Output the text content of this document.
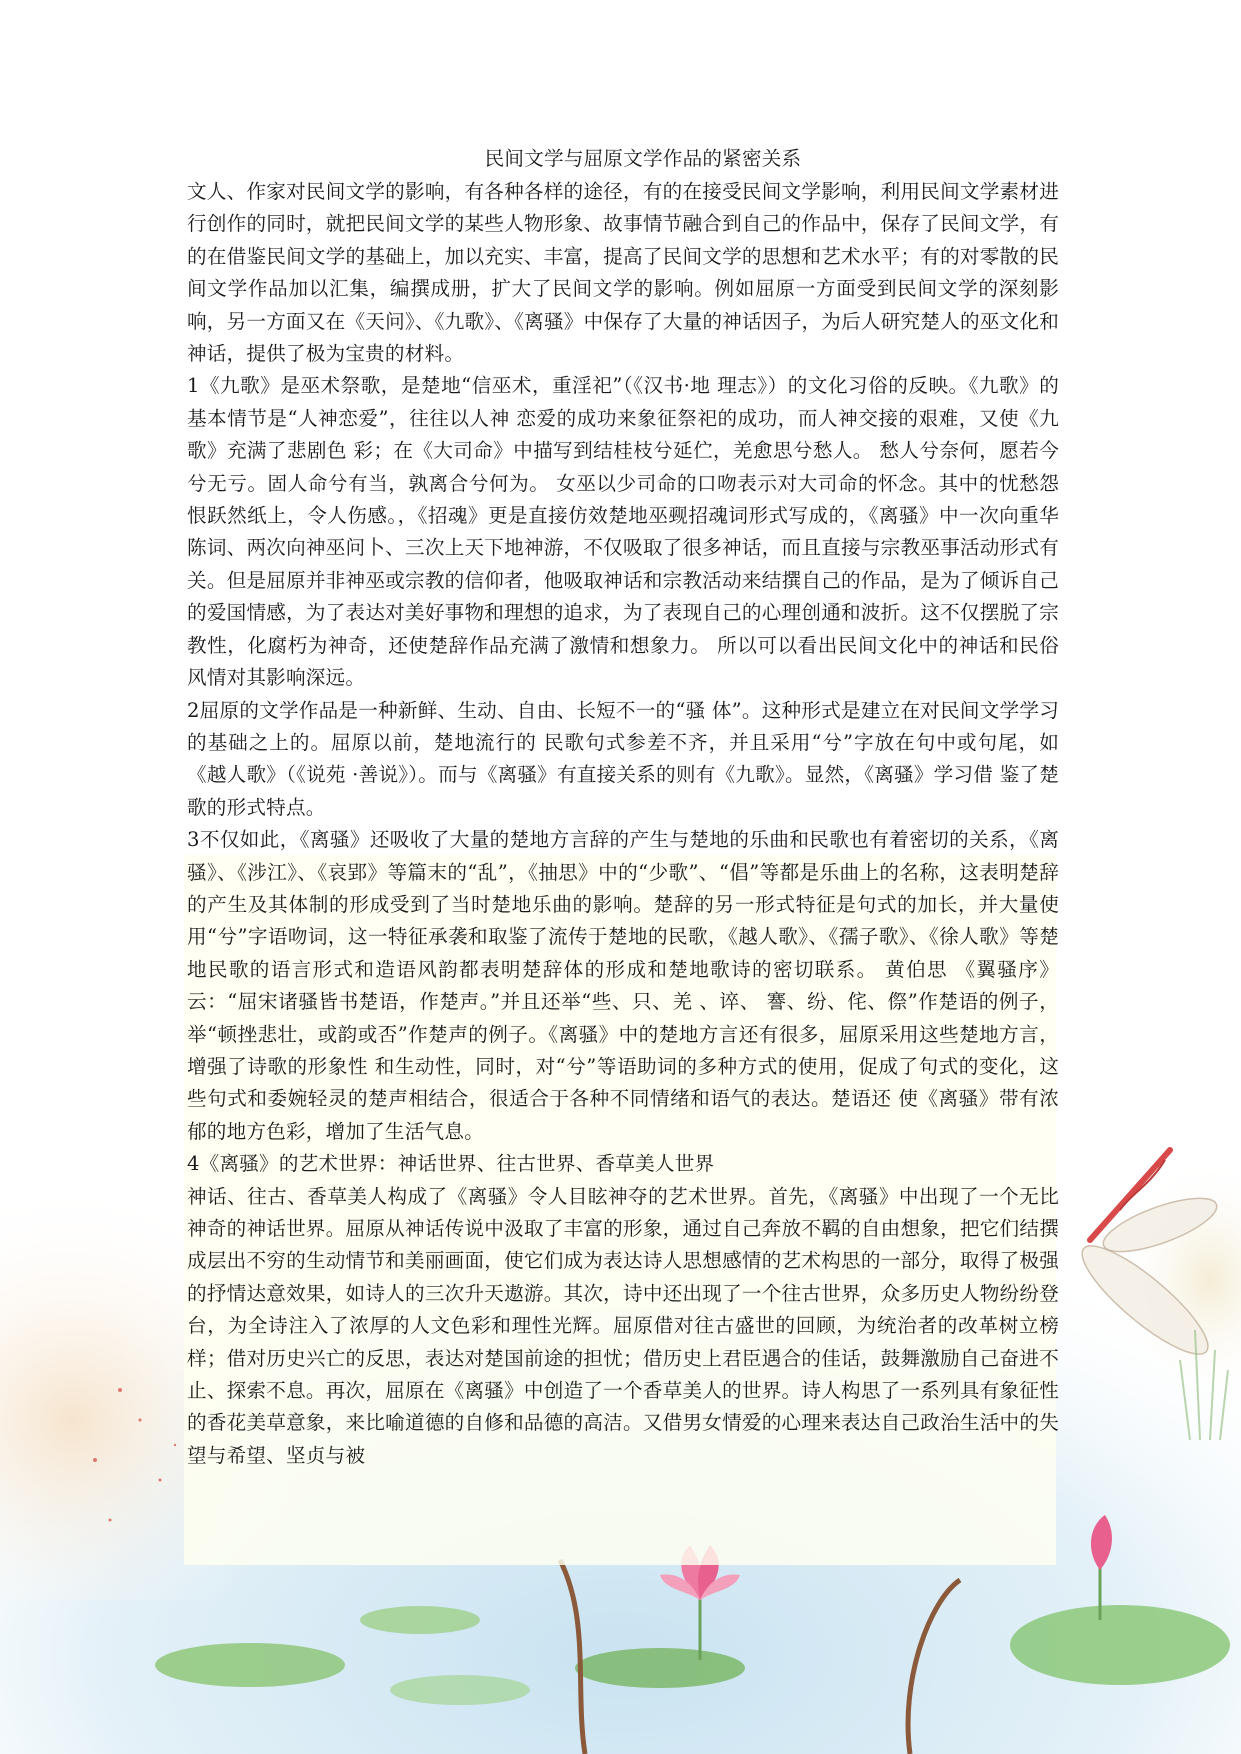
民间文学与屈原文学作品的紧密关系

文人、作家对民间文学的影响，有各种各样的途径，有的在接受民间文学影响，利用民间文学素材进行创作的同时，就把民间文学的某些人物形象、故事情节融合到自己的作品中，保存了民间文学，有的在借鉴民间文学的基础上，加以充实、丰富，提高了民间文学的思想和艺术水平；有的对零散的民间文学作品加以汇集，编撰成册，扩大了民间文学的影响。例如屈原一方面受到民间文学的深刻影响，另一方面又在《天问》、《九歌》、《离骚》中保存了大量的神话因子，为后人研究楚人的巫文化和神话，提供了极为宝贵的材料。

1《九歌》是巫术祭歌，是楚地“信巫术，重淫祀”（《汉书·地 理志》）的文化习俗的反映。《九歌》的基本情节是“人神恋爱”，往往以人神 恋爱的成功来象征祭祀的成功，而人神交接的艰难，又使《九歌》充满了悲剧色 彩；在《大司命》中描写到结桂枝兮延伫，羌愈思兮愁人。 愁人兮奈何，愿若今兮无亏。固人命兮有当，孰离合兮何为。 女巫以少司命的口吻表示对大司命的怀念。其中的忧愁怨恨跃然纸上，令人伤感。，《招魂》更是直接仿效楚地巫觋招魂词形式写成的，《离骚》中一次向重华陈词、两次向神巫问卜、三次上天下地神游，不仅吸取了很多神话，而且直接与宗教巫事活动形式有关。但是屈原并非神巫或宗教的信仰者，他吸取神话和宗教活动来结撰自己的作品，是为了倾诉自己的爱国情感，为了表达对美好事物和理想的追求，为了表现自己的心理创通和波折。这不仅摆脱了宗教性，化腐朽为神奇，还使楚辞作品充满了激情和想象力。 所以可以看出民间文化中的神话和民俗风情对其影响深远。

2屈原的文学作品是一种新鲜、生动、自由、长短不一的“骚 体”。这种形式是建立在对民间文学学习的基础之上的。屈原以前，楚地流行的 民歌句式参差不齐，并且采用“兮”字放在句中或句尾，如《越人歌》（《说苑 ·善说》）。而与《离骚》有直接关系的则有《九歌》。显然，《离骚》学习借 鉴了楚歌的形式特点。

3不仅如此，《离骚》还吸收了大量的楚地方言辞的产生与楚地的乐曲和民歌也有着密切的关系，《离骚》、《涉江》、《哀郢》等篇末的“乱”，《抽思》中的“少歌”、“倡”等都是乐曲上的名称，这表明楚辞的产生及其体制的形成受到了当时楚地乐曲的影响。楚辞的另一形式特征是句式的加长，并大量使用“兮”字语吻词，这一特征承袭和取鉴了流传于楚地的民歌，《越人歌》、《孺子歌》、《徐人歌》等楚地民歌的语言形式和造语风韵都表明楚辞体的形成和楚地歌诗的密切联系。 黄伯思 《翼骚序》云：“屈宋诸骚皆书楚语，作楚声。”并且还举“些、只、羌 、谇、 謇、纷、侘、傺”作楚语的例子，举“顿挫悲壮，或韵或否”作楚声的例子。《离骚》中的楚地方言还有很多，屈原采用这些楚地方言，增强了诗歌的形象性 和生动性，同时，对“兮”等语助词的多种方式的使用，促成了句式的变化，这 些句式和委婉轻灵的楚声相结合，很适合于各种不同情绪和语气的表达。楚语还 使《离骚》带有浓郁的地方色彩，增加了生活气息。

4《离骚》的艺术世界：神话世界、往古世界、香草美人世界

神话、往古、香草美人构成了《离骚》令人目眩神夺的艺术世界。首先，《离骚》中出现了一个无比神奇的神话世界。屈原从神话传说中汲取了丰富的形象，通过自己奔放不羁的自由想象，把它们结撰成层出不穷的生动情节和美丽画面，使它们成为表达诗人思想感情的艺术构思的一部分，取得了极强的抒情达意效果，如诗人的三次升天遨游。其次，诗中还出现了一个往古世界，众多历史人物纷纷登台，为全诗注入了浓厚的人文色彩和理性光辉。屈原借对往古盛世的回顾，为统治者的改革树立榜样；借对历史兴亡的反思，表达对楚国前途的担忧；借历史上君臣遇合的佳话，鼓舞激励自己奋进不止、探索不息。再次，屈原在《离骚》中创造了一个香草美人的世界。诗人构思了一系列具有象征性的香花美草意象，来比喻道德的自修和品德的高洁。又借男女情爱的心理来表达自己政治生活中的失望与希望、坚贞与被
